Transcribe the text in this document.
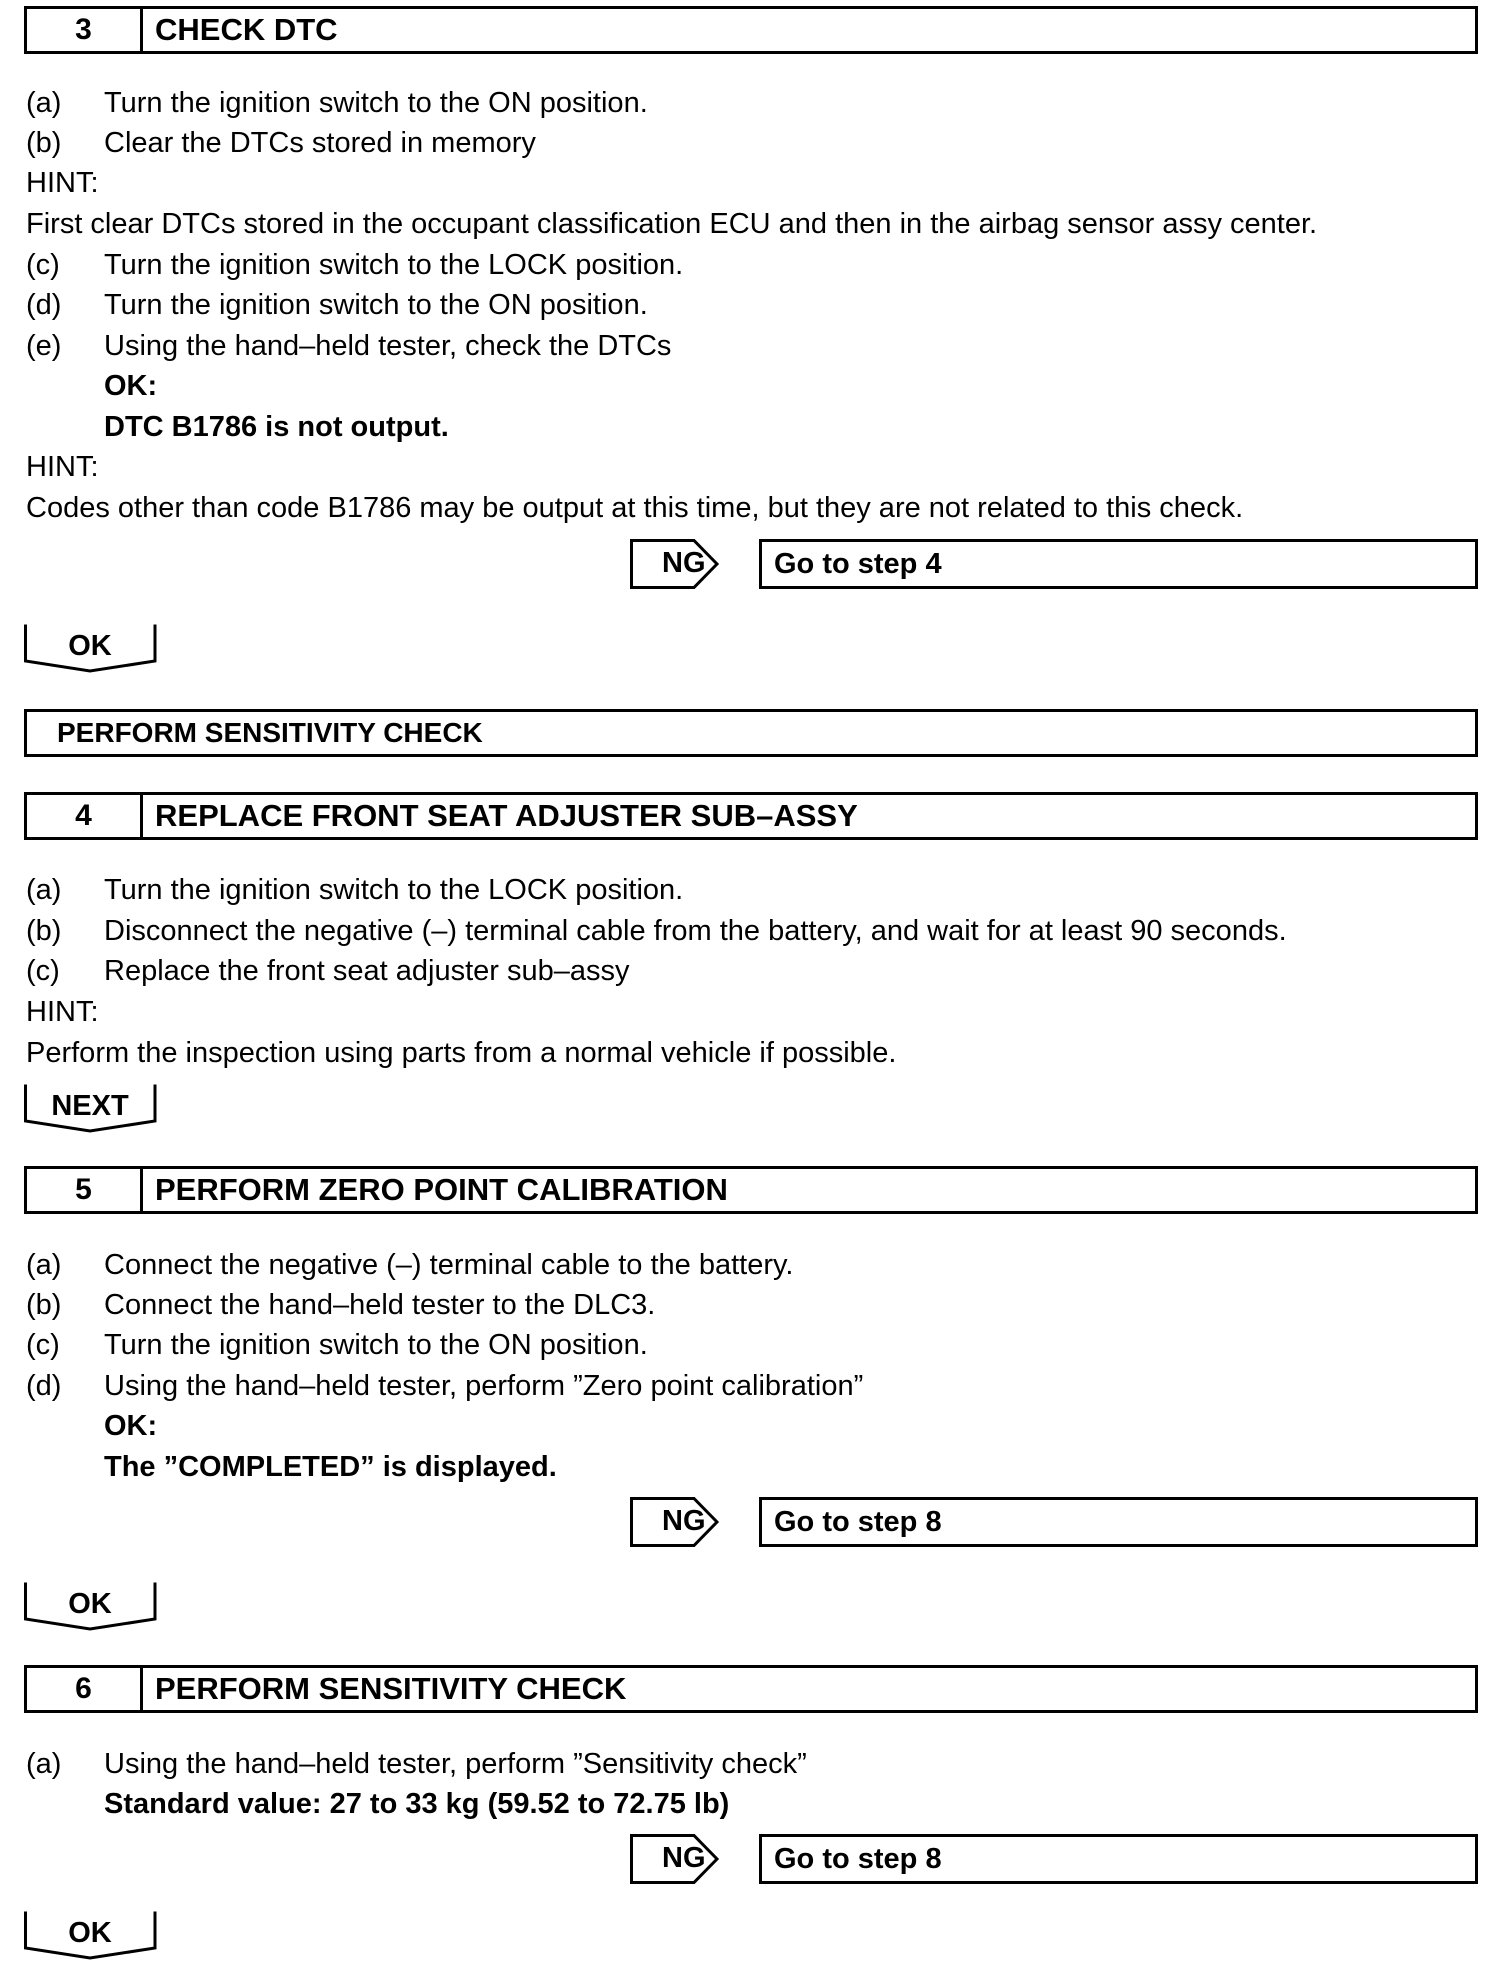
3	CHECK DTC
(a) Turn the ignition switch to the ON position.
(b) Clear the DTCs stored in memory
HINT:
First clear DTCs stored in the occupant classification ECU and then in the airbag sensor assy center.
(c) Turn the ignition switch to the LOCK position.
(d) Turn the ignition switch to the ON position.
(e) Using the hand–held tester, check the DTCs
OK:
DTC B1786 is not output.
HINT:
Codes other than code B1786 may be output at this time, but they are not related to this check.
NG	Go to step 4
OK
PERFORM SENSITIVITY CHECK
4	REPLACE FRONT SEAT ADJUSTER SUB–ASSY
(a) Turn the ignition switch to the LOCK position.
(b) Disconnect the negative (–) terminal cable from the battery, and wait for at least 90 seconds.
(c) Replace the front seat adjuster sub–assy
HINT:
Perform the inspection using parts from a normal vehicle if possible.
NEXT
5	PERFORM ZERO POINT CALIBRATION
(a) Connect the negative (–) terminal cable to the battery.
(b) Connect the hand–held tester to the DLC3.
(c) Turn the ignition switch to the ON position.
(d) Using the hand–held tester, perform ”Zero point calibration”
OK:
The ”COMPLETED” is displayed.
NG	Go to step 8
OK
6	PERFORM SENSITIVITY CHECK
(a) Using the hand–held tester, perform ”Sensitivity check”
Standard value: 27 to 33 kg (59.52 to 72.75 lb)
NG	Go to step 8
OK
